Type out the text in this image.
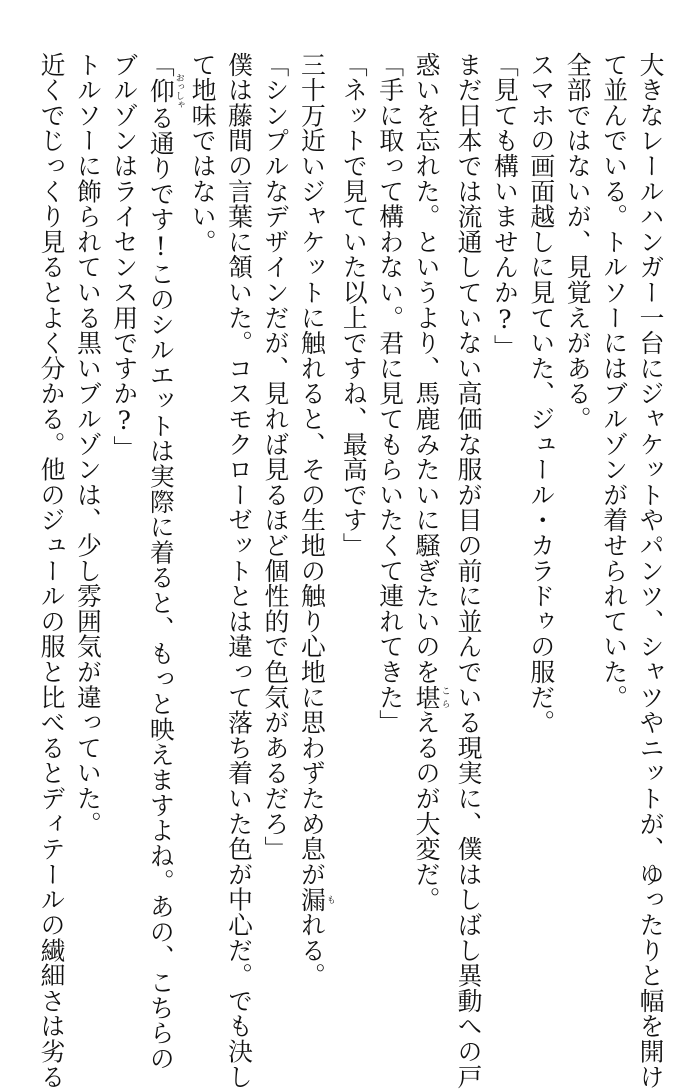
大きなレールハンガー一台にジャケットやパンツ、シャツやニットが、ゆったりと幅を開け
て並んでいる。トルソーにはブルゾンが着せられていた。
全部ではないが、見覚えがある。
スマホの画面越しに見ていた、ジュール・カラドゥの服だ。
「見ても構いませんか?」
まだ日本では流通していない高価な服が目の前に並んでいる現実に、僕はしばし異動への戸
惑いを忘れた。というより、馬鹿みたいに騒ぎたいのを堪こらえるのが大変だ。
「手に取って構わない。君に見てもらいたくて連れてきた」
「ネットで見ていた以上ですね、最高です」
三十万近いジャケットに触れると、その生地の触り心地に思わずため息が漏もれる。
「シンプルなデザインだが、見れば見るほど個性的で色気があるだろ」
僕は藤間の言葉に頷いた。コスモクローゼットとは違って落ち着いた色が中心だ。でも決し
て地味ではない。
「仰おっしゃる通りです!このシルエットは実際に着ると、もっと映えますよね。あの、こちらの
ブルゾンはライセンス用ですか?」
トルソーに飾られている黒いブルゾンは、少し雰囲気が違っていた。
近くでじっくり見るとよく分かる。他のジュールの服と比べるとディテールの繊細さは劣る
